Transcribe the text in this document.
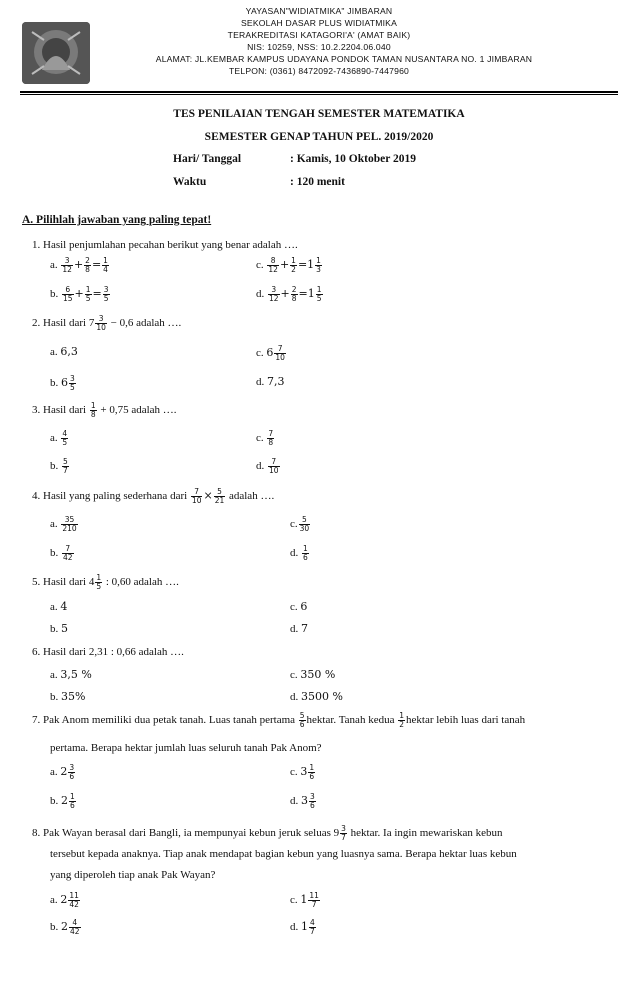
YAYASAN"WIDIATMIKA" JIMBARAN
SEKOLAH DASAR PLUS WIDIATMIKA
TERAKREDITASI KATAGORI'A' (AMAT BAIK)
NIS: 10259, NSS: 10.2.2204.06.040
ALAMAT: JL.KEMBAR KAMPUS UDAYANA PONDOK TAMAN NUSANTARA NO. 1 JIMBARAN
TELPON: (0361) 8472092-7436890-7447960
TES PENILAIAN TENGAH SEMESTER MATEMATIKA
SEMESTER GENAP TAHUN PEL. 2019/2020
Hari/ Tanggal	: Kamis, 10 Oktober 2019
Waktu	: 120 menit
A. Pilihlah jawaban yang paling tepat!
1. Hasil penjumlahan pecahan berikut yang benar adalah ….
a. $\frac{3}{12} + \frac{2}{8} = \frac{1}{4}$	c. $\frac{8}{12} + \frac{1}{2} =1 \frac{1}{3}$
b. $\frac{6}{15} + \frac{1}{5} = \frac{3}{5}$	d. $\frac{3}{12} + \frac{2}{8} =1 \frac{1}{5}$
2. Hasil dari $7 \frac{3}{10} - 0,6$ adalah ….
a. 6,3	c. $6 \frac{7}{10}$
b. $6 \frac{3}{5}$	d. 7,3
3. Hasil dari $\frac{1}{8} + 0,75$ adalah ….
a. $\frac{4}{5}$	c. $\frac{7}{8}$
b. $\frac{5}{7}$	d. $\frac{7}{10}$
4. Hasil yang paling sederhana dari $\frac{7}{10} \times \frac{5}{21}$ adalah ….
a. $\frac{35}{210}$	c. $\frac{5}{30}$
b. $\frac{7}{42}$	d. $\frac{1}{6}$
5. Hasil dari $4 \frac{1}{5}$ : 0,60 adalah ….
a. 4	c. 6
b. 5	d. 7
6. Hasil dari 2,31 : 0,66 adalah ….
a. 3,5 %	c. 350 %
b. 35%	d. 3500 %
7. Pak Anom memiliki dua petak tanah. Luas tanah pertama $\frac{5}{6}$ hektar. Tanah kedua $\frac{1}{2}$ hektar lebih luas dari tanah
pertama. Berapa hektar jumlah luas seluruh tanah Pak Anom?
a. $2 \frac{3}{6}$	c. $3 \frac{1}{6}$
b. $2 \frac{1}{6}$	d. $3 \frac{3}{6}$
8. Pak Wayan berasal dari Bangli, ia mempunyai kebun jeruk seluas $9 \frac{3}{7}$ hektar. Ia ingin mewariskan kebun
tersebut kepada anaknya. Tiap anak mendapat bagian kebun yang luasnya sama. Berapa hektar luas kebun
yang diperoleh tiap anak Pak Wayan?
a. $2 \frac{11}{42}$	c. $1 \frac{11}{7}$
b. $2 \frac{4}{42}$	d. $1 \frac{4}{7}$
